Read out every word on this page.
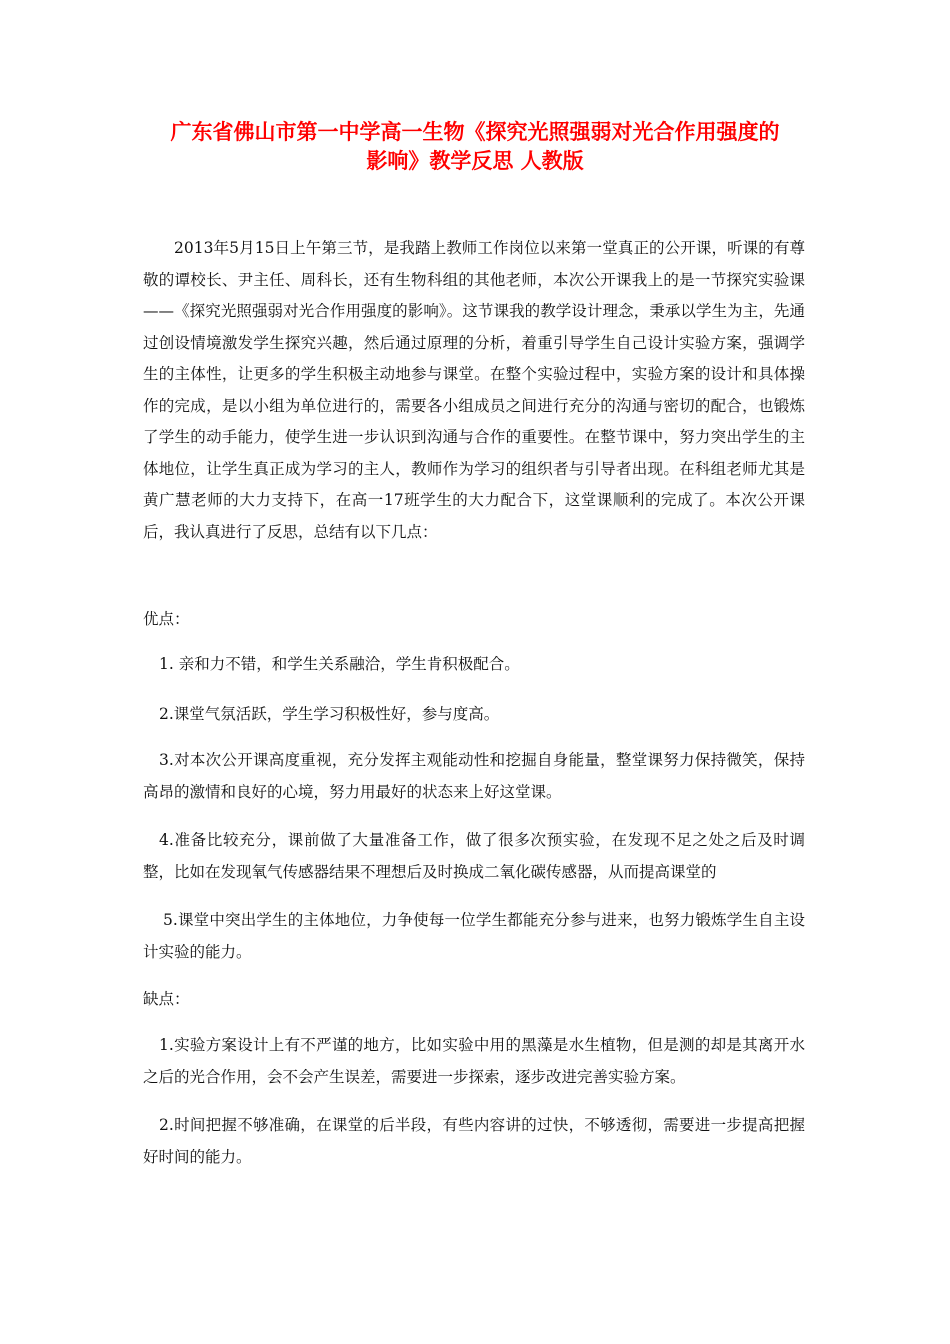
广东省佛山市第一中学高一生物《探究光照强弱对光合作用强度的
影响》教学反思 人教版

2013年5月15日上午第三节，是我踏上教师工作岗位以来第一堂真正的公开课，听课的有尊敬的谭校长、尹主任、周科长，还有生物科组的其他老师，本次公开课我上的是一节探究实验课——《探究光照强弱对光合作用强度的影响》。这节课我的教学设计理念，秉承以学生为主，先通过创设情境激发学生探究兴趣，然后通过原理的分析，着重引导学生自己设计实验方案，强调学生的主体性，让更多的学生积极主动地参与课堂。在整个实验过程中，实验方案的设计和具体操作的完成，是以小组为单位进行的，需要各小组成员之间进行充分的沟通与密切的配合，也锻炼了学生的动手能力，使学生进一步认识到沟通与合作的重要性。在整节课中，努力突出学生的主体地位，让学生真正成为学习的主人，教师作为学习的组织者与引导者出现。在科组老师尤其是黄广慧老师的大力支持下，在高一17班学生的大力配合下，这堂课顺利的完成了。本次公开课后，我认真进行了反思，总结有以下几点：

优点：

1. 亲和力不错，和学生关系融洽，学生肯积极配合。

2.课堂气氛活跃，学生学习积极性好，参与度高。

3.对本次公开课高度重视，充分发挥主观能动性和挖掘自身能量，整堂课努力保持微笑，保持高昂的激情和良好的心境，努力用最好的状态来上好这堂课。

4.准备比较充分，课前做了大量准备工作，做了很多次预实验，在发现不足之处之后及时调整，比如在发现氧气传感器结果不理想后及时换成二氧化碳传感器，从而提高课堂的

5.课堂中突出学生的主体地位，力争使每一位学生都能充分参与进来，也努力锻炼学生自主设计实验的能力。

缺点：

1.实验方案设计上有不严谨的地方，比如实验中用的黑藻是水生植物，但是测的却是其离开水之后的光合作用，会不会产生误差，需要进一步探索，逐步改进完善实验方案。

2.时间把握不够准确，在课堂的后半段，有些内容讲的过快，不够透彻，需要进一步提高把握好时间的能力。
